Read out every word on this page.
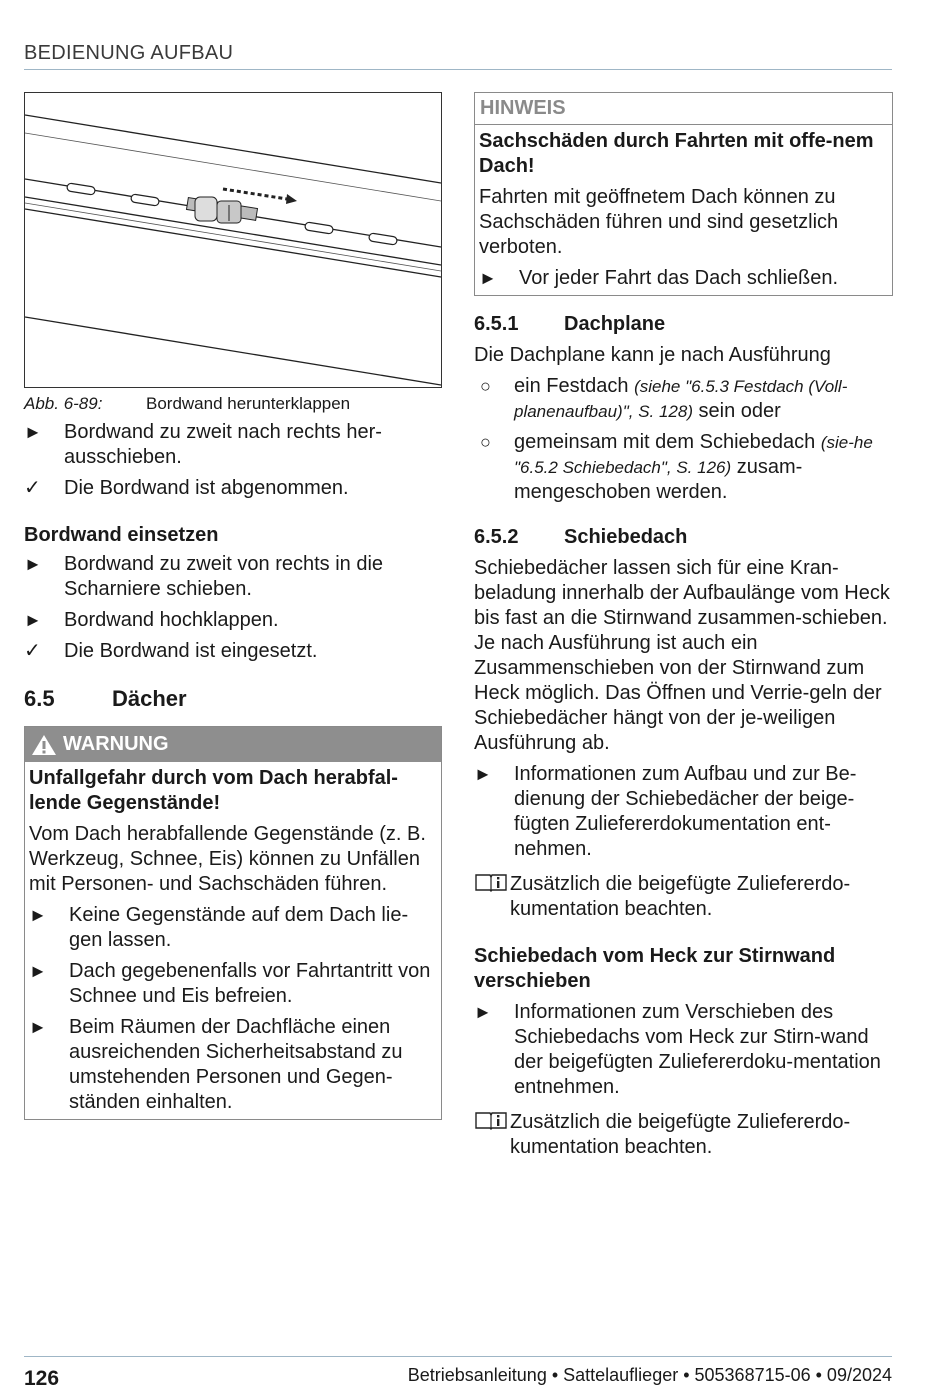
BEDIENUNG AUFBAU
Abb. 6-89:	Bordwand herunterklappen
►	Bordwand zu zweit nach rechts her-ausschieben.
✓	Die Bordwand ist abgenommen.
Bordwand einsetzen
►	Bordwand zu zweit von rechts in die Scharniere schieben.
►	Bordwand hochklappen.
✓	Die Bordwand ist eingesetzt.
6.5	Dächer
WARNUNG
Unfallgefahr durch vom Dach herabfal-lende Gegenstände!

Vom Dach herabfallende Gegenstände (z. B. Werkzeug, Schnee, Eis) können zu Unfällen mit Personen- und Sachschäden führen.

►	Keine Gegenstände auf dem Dach lie-gen lassen.
►	Dach gegebenenfalls vor Fahrtantritt von Schnee und Eis befreien.
►	Beim Räumen der Dachfläche einen ausreichenden Sicherheitsabstand zu umstehenden Personen und Gegen-ständen einhalten.
HINWEIS
Sachschäden durch Fahrten mit offe-nem Dach!

Fahrten mit geöffnetem Dach können zu Sachschäden führen und sind gesetzlich verboten.

►	Vor jeder Fahrt das Dach schließen.
6.5.1	Dachplane

Die Dachplane kann je nach Ausführung

○	ein Festdach (siehe "6.5.3 Festdach (Voll-planenaufbau)", S. 128) sein oder
○	gemeinsam mit dem Schiebedach (sie-he "6.5.2 Schiebedach", S. 126) zusam-mengeschoben werden.
6.5.2	Schiebedach

Schiebedächer lassen sich für eine Kran-beladung innerhalb der Aufbaulänge vom Heck bis fast an die Stirnwand zusammen-schieben. Je nach Ausführung ist auch ein Zusammenschieben von der Stirnwand zum Heck möglich. Das Öffnen und Verrie-geln der Schiebedächer hängt von der je-weiligen Ausführung ab.

►	Informationen zum Aufbau und zur Be-dienung der Schiebedächer der beige-fügten Zuliefererdokumentation ent-nehmen.
Zusätzlich die beigefügte Zuliefererdo-kumentation beachten.
Schiebedach vom Heck zur Stirnwand verschieben
►	Informationen zum Verschieben des Schiebedachs vom Heck zur Stirn-wand der beigefügten Zuliefererdoku-mentation entnehmen.
Zusätzlich die beigefügte Zuliefererdo-kumentation beachten.
126	Betriebsanleitung • Sattelauflieger • 505368715-06 • 09/2024
